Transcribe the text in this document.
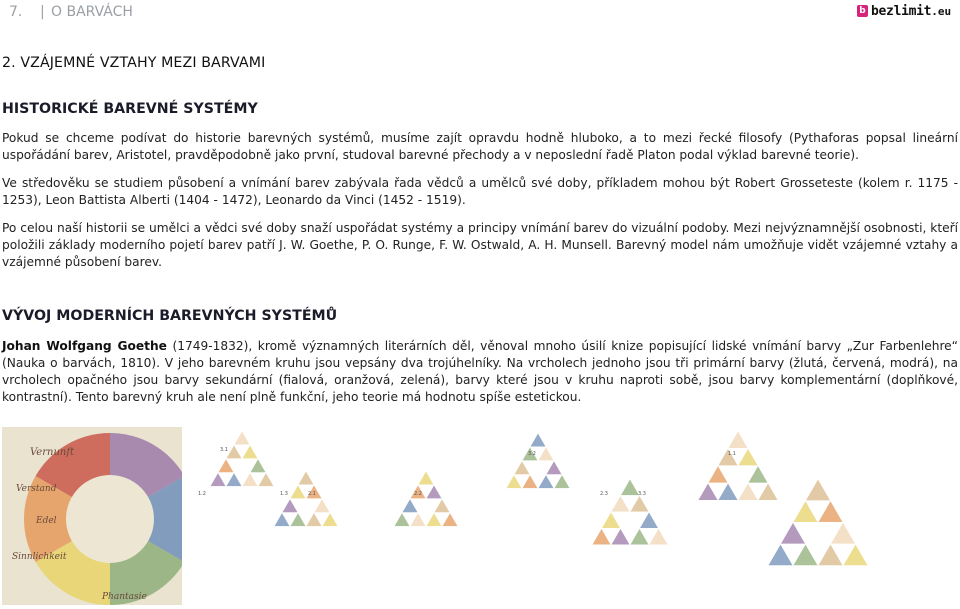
7. | O BARVÁCH	b bezlimit .eu
2. VZÁJEMNÉ VZTAHY MEZI BARVAMI
HISTORICKÉ BAREVNÉ SYSTÉMY

Pokud se chceme podívat do historie barevných systémů, musíme zajít opravdu hodně hluboko, a to mezi řecké filosofy (Pythaforas popsal lineární uspořádání barev, Aristotel, pravděpodobně jako první, studoval barevné přechody a v neposlední řadě Platon podal výklad barevné teorie).

Ve středověku se studiem působení a vnímání barev zabývala řada vědců a umělců své doby, příkladem mohou být Robert Grosseteste (kolem r. 1175 - 1253), Leon Battista Alberti (1404 - 1472), Leonardo da Vinci (1452 - 1519).

Po celou naší historii se umělci a vědci své doby snaží uspořádat systémy a principy vnímání barev do vizuální podoby. Mezi nejvýznamnější osobnosti, kteří položili základy moderního pojetí barev patří J. W. Goethe, P. O. Runge, F. W. Ostwald, A. H. Munsell. Barevný model nám umožňuje vidět vzájemné vztahy a vzájemné působení barev.

VÝVOJ MODERNÍCH BAREVNÝCH SYSTÉMŮ

Johan Wolfgang Goethe (1749-1832), kromě významných literárních děl, věnoval mnoho úsilí knize popisující lidské vnímání barvy „Zur Farbenlehre“ (Nauka o barvách, 1810). V jeho barevném kruhu jsou vepsány dva trojúhelníky. Na vrcholech jednoho jsou tři primární barvy (žlutá, červená, modrá), na vrcholech opačného jsou barvy sekundární (fialová, oranžová, zelená), barvy které jsou v kruhu naproti sobě, jsou barvy komplementární (doplňkové, kontrastní). Tento barevný kruh ale není plně funkční, jeho teorie má hodnotu spíše estetickou.

Vernunft
Verstand
Edel
Sinnlichkeit
Phantasie
3.1
1.2	1.3	2.1	2.2
3.2
2.3	3.3
1.1
